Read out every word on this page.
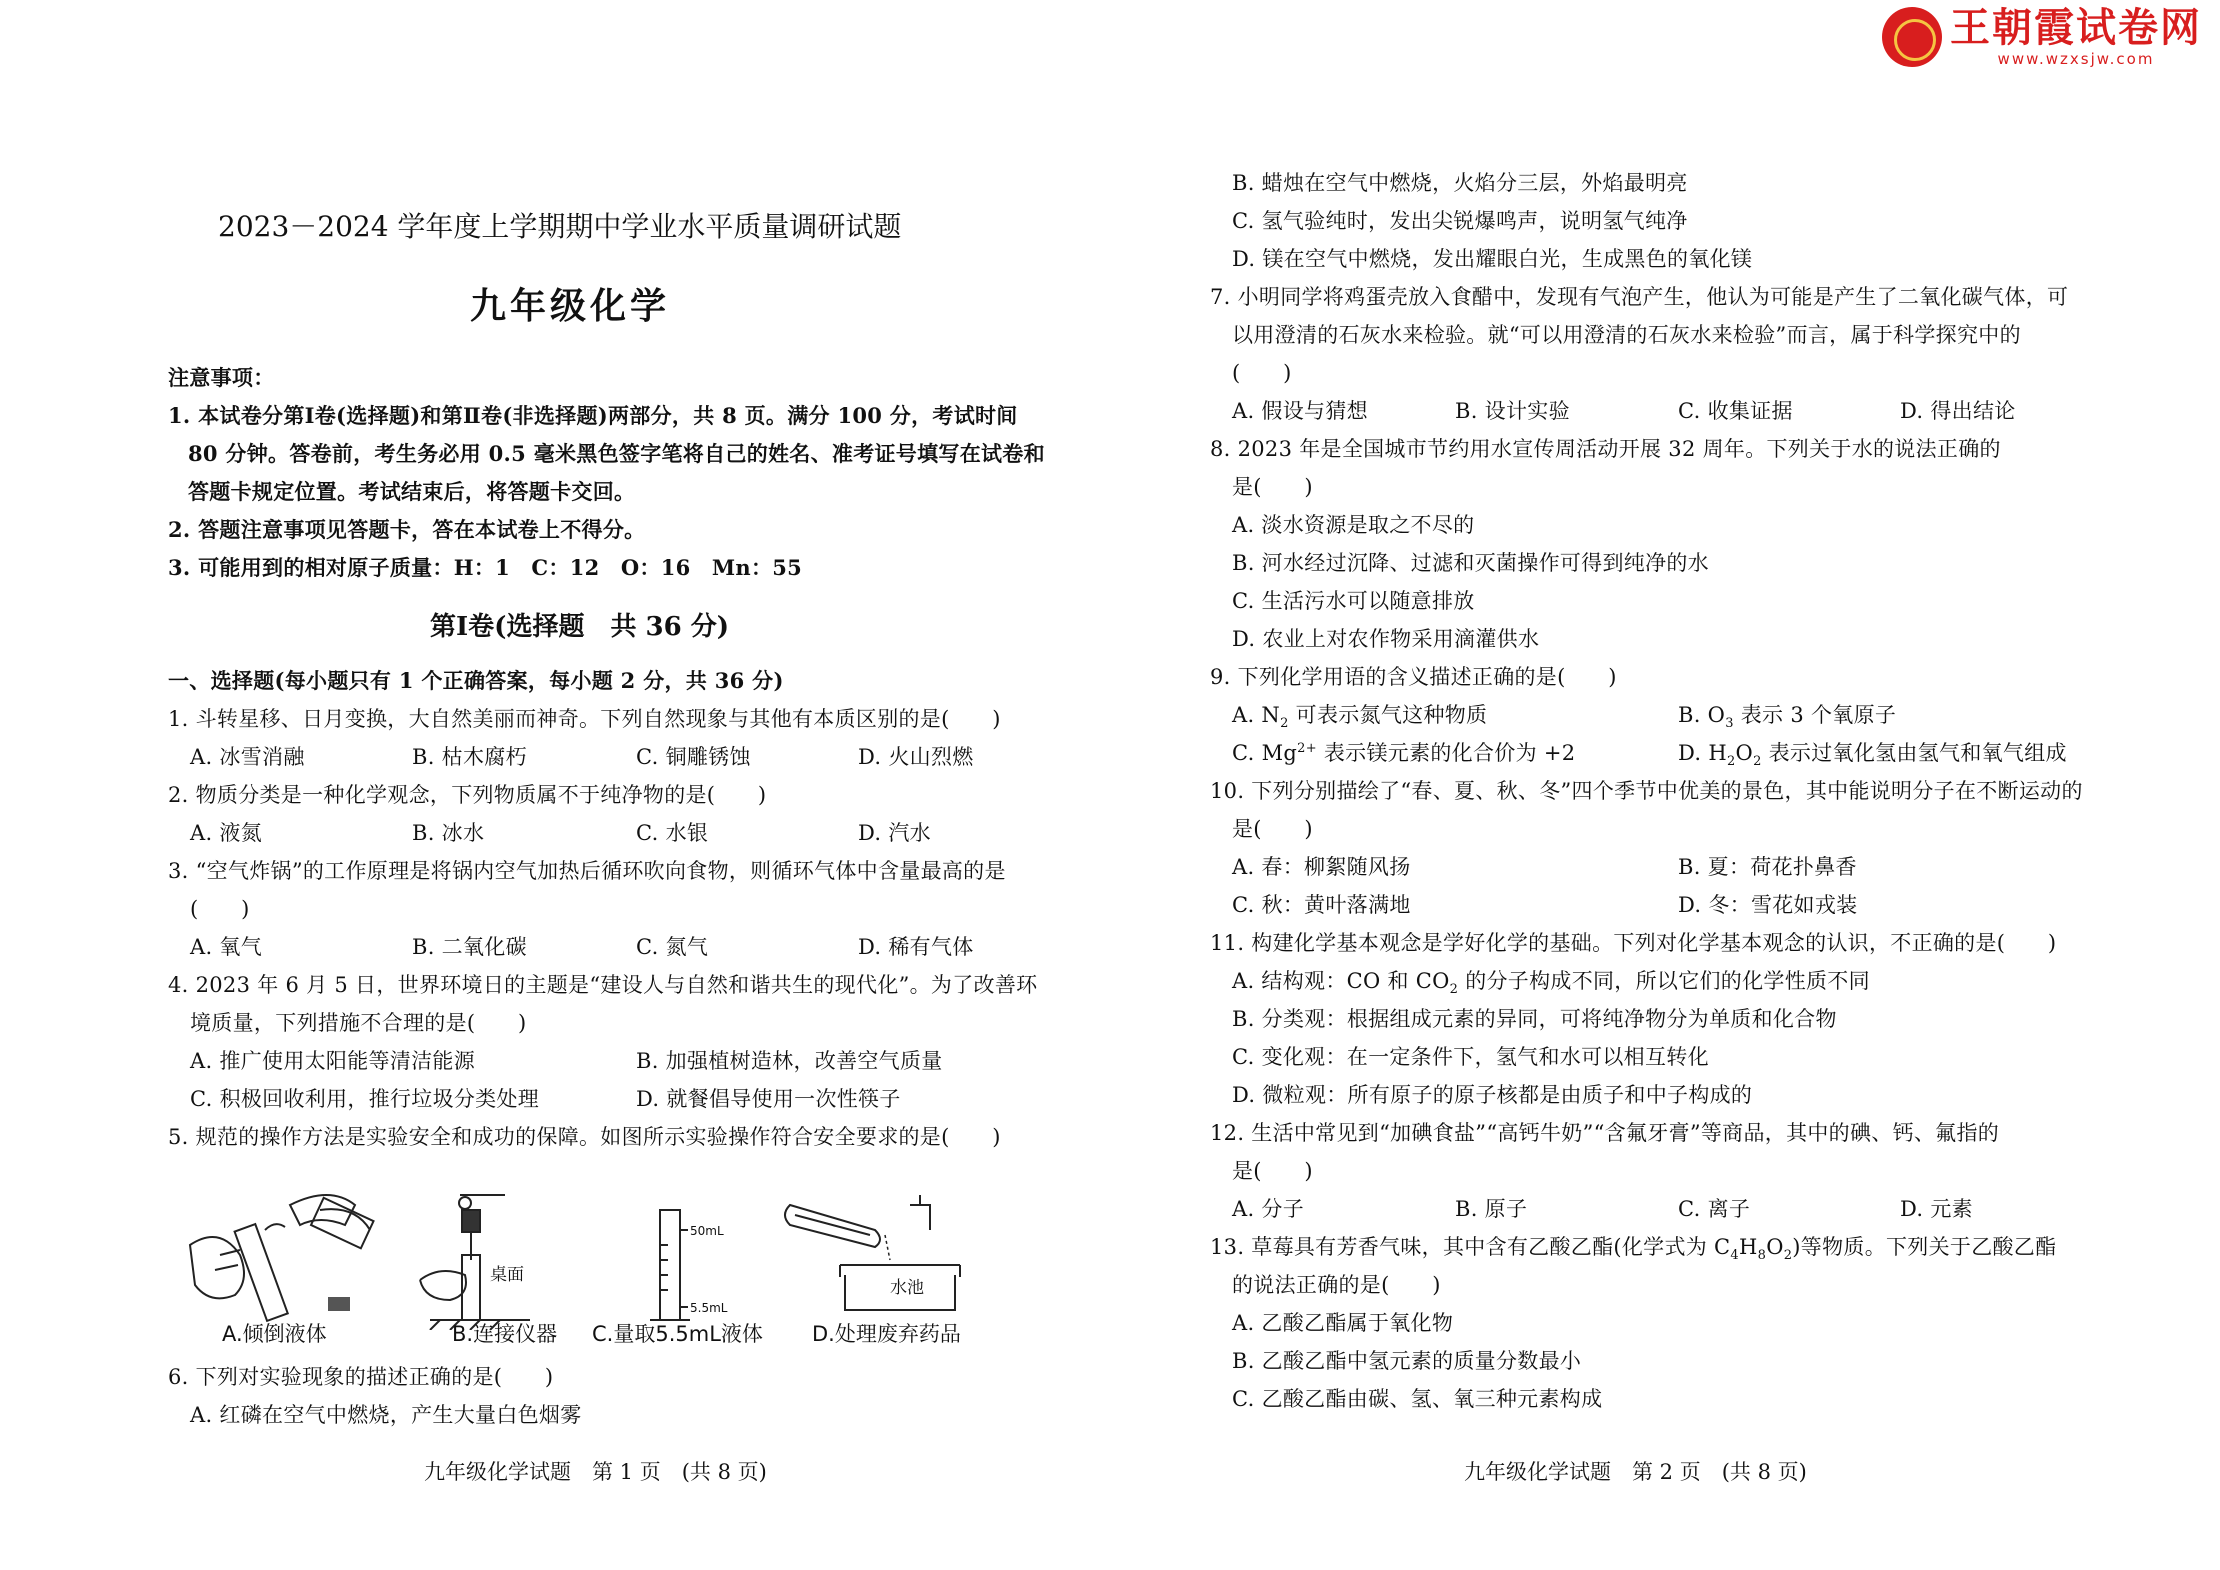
2023－2024 学年度上学期期中学业水平质量调研试题
九年级化学
注意事项：
1. 本试卷分第Ⅰ卷(选择题)和第Ⅱ卷(非选择题)两部分，共 8 页。满分 100 分，考试时间
80 分钟。答卷前，考生务必用 0.5 毫米黑色签字笔将自己的姓名、准考证号填写在试卷和
答题卡规定位置。考试结束后，将答题卡交回。
2. 答题注意事项见答题卡，答在本试卷上不得分。
3. 可能用到的相对原子质量：H：1　C：12　O：16　Mn：55
第Ⅰ卷(选择题　共 36 分)
一、选择题(每小题只有 1 个正确答案，每小题 2 分，共 36 分)
1. 斗转星移、日月变换，大自然美丽而神奇。下列自然现象与其他有本质区别的是(　　)
A. 冰雪消融	B. 枯木腐朽	C. 铜雕锈蚀	D. 火山烈燃
2. 物质分类是一种化学观念，下列物质属不于纯净物的是(　　)
A. 液氮	B. 冰水	C. 水银	D. 汽水
3. “空气炸锅”的工作原理是将锅内空气加热后循环吹向食物，则循环气体中含量最高的是
(　　)
A. 氧气	B. 二氧化碳	C. 氮气	D. 稀有气体
4. 2023 年 6 月 5 日，世界环境日的主题是“建设人与自然和谐共生的现代化”。为了改善环
境质量，下列措施不合理的是(　　)
A. 推广使用太阳能等清洁能源	B. 加强植树造林，改善空气质量
C. 积极回收利用，推行垃圾分类处理	D. 就餐倡导使用一次性筷子
5. 规范的操作方法是实验安全和成功的保障。如图所示实验操作符合安全要求的是(　　)
A.倾倒液体
桌面
B.连接仪器
50mL
5.5mL
C.量取5.5mL液体
水池
D.处理废弃药品
6. 下列对实验现象的描述正确的是(　　)
A. 红磷在空气中燃烧，产生大量白色烟雾
九年级化学试题　第 1 页　(共 8 页)
王朝霞试卷网
www.wzxsjw.com
B. 蜡烛在空气中燃烧，火焰分三层，外焰最明亮
C. 氢气验纯时，发出尖锐爆鸣声，说明氢气纯净
D. 镁在空气中燃烧，发出耀眼白光，生成黑色的氧化镁
7. 小明同学将鸡蛋壳放入食醋中，发现有气泡产生，他认为可能是产生了二氧化碳气体，可
以用澄清的石灰水来检验。就“可以用澄清的石灰水来检验”而言，属于科学探究中的
(　　)
A. 假设与猜想	B. 设计实验	C. 收集证据	D. 得出结论
8. 2023 年是全国城市节约用水宣传周活动开展 32 周年。下列关于水的说法正确的
是(　　)
A. 淡水资源是取之不尽的
B. 河水经过沉降、过滤和灭菌操作可得到纯净的水
C. 生活污水可以随意排放
D. 农业上对农作物采用滴灌供水
9. 下列化学用语的含义描述正确的是(　　)
A. $N_2$ 可表示氮气这种物质	B. $O_3$ 表示 3 个氧原子
C. $Mg^{2+}$ 表示镁元素的化合价为 +2	D. $H_2O_2$ 表示过氧化氢由氢气和氧气组成
10. 下列分别描绘了“春、夏、秋、冬”四个季节中优美的景色，其中能说明分子在不断运动的
是(　　)
A. 春：柳絮随风扬	B. 夏：荷花扑鼻香
C. 秋：黄叶落满地	D. 冬：雪花如戎装
11. 构建化学基本观念是学好化学的基础。下列对化学基本观念的认识，不正确的是(　　)
A. 结构观：CO 和 $CO_2$ 的分子构成不同，所以它们的化学性质不同
B. 分类观：根据组成元素的异同，可将纯净物分为单质和化合物
C. 变化观：在一定条件下，氢气和水可以相互转化
D. 微粒观：所有原子的原子核都是由质子和中子构成的
12. 生活中常见到“加碘食盐”“高钙牛奶”“含氟牙膏”等商品，其中的碘、钙、氟指的
是(　　)
A. 分子	B. 原子	C. 离子	D. 元素
13. 草莓具有芳香气味，其中含有乙酸乙酯(化学式为 $C_4H_8O_2$)等物质。下列关于乙酸乙酯
的说法正确的是(　　)
A. 乙酸乙酯属于氧化物
B. 乙酸乙酯中氢元素的质量分数最小
C. 乙酸乙酯由碳、氢、氧三种元素构成
九年级化学试题　第 2 页　(共 8 页)
